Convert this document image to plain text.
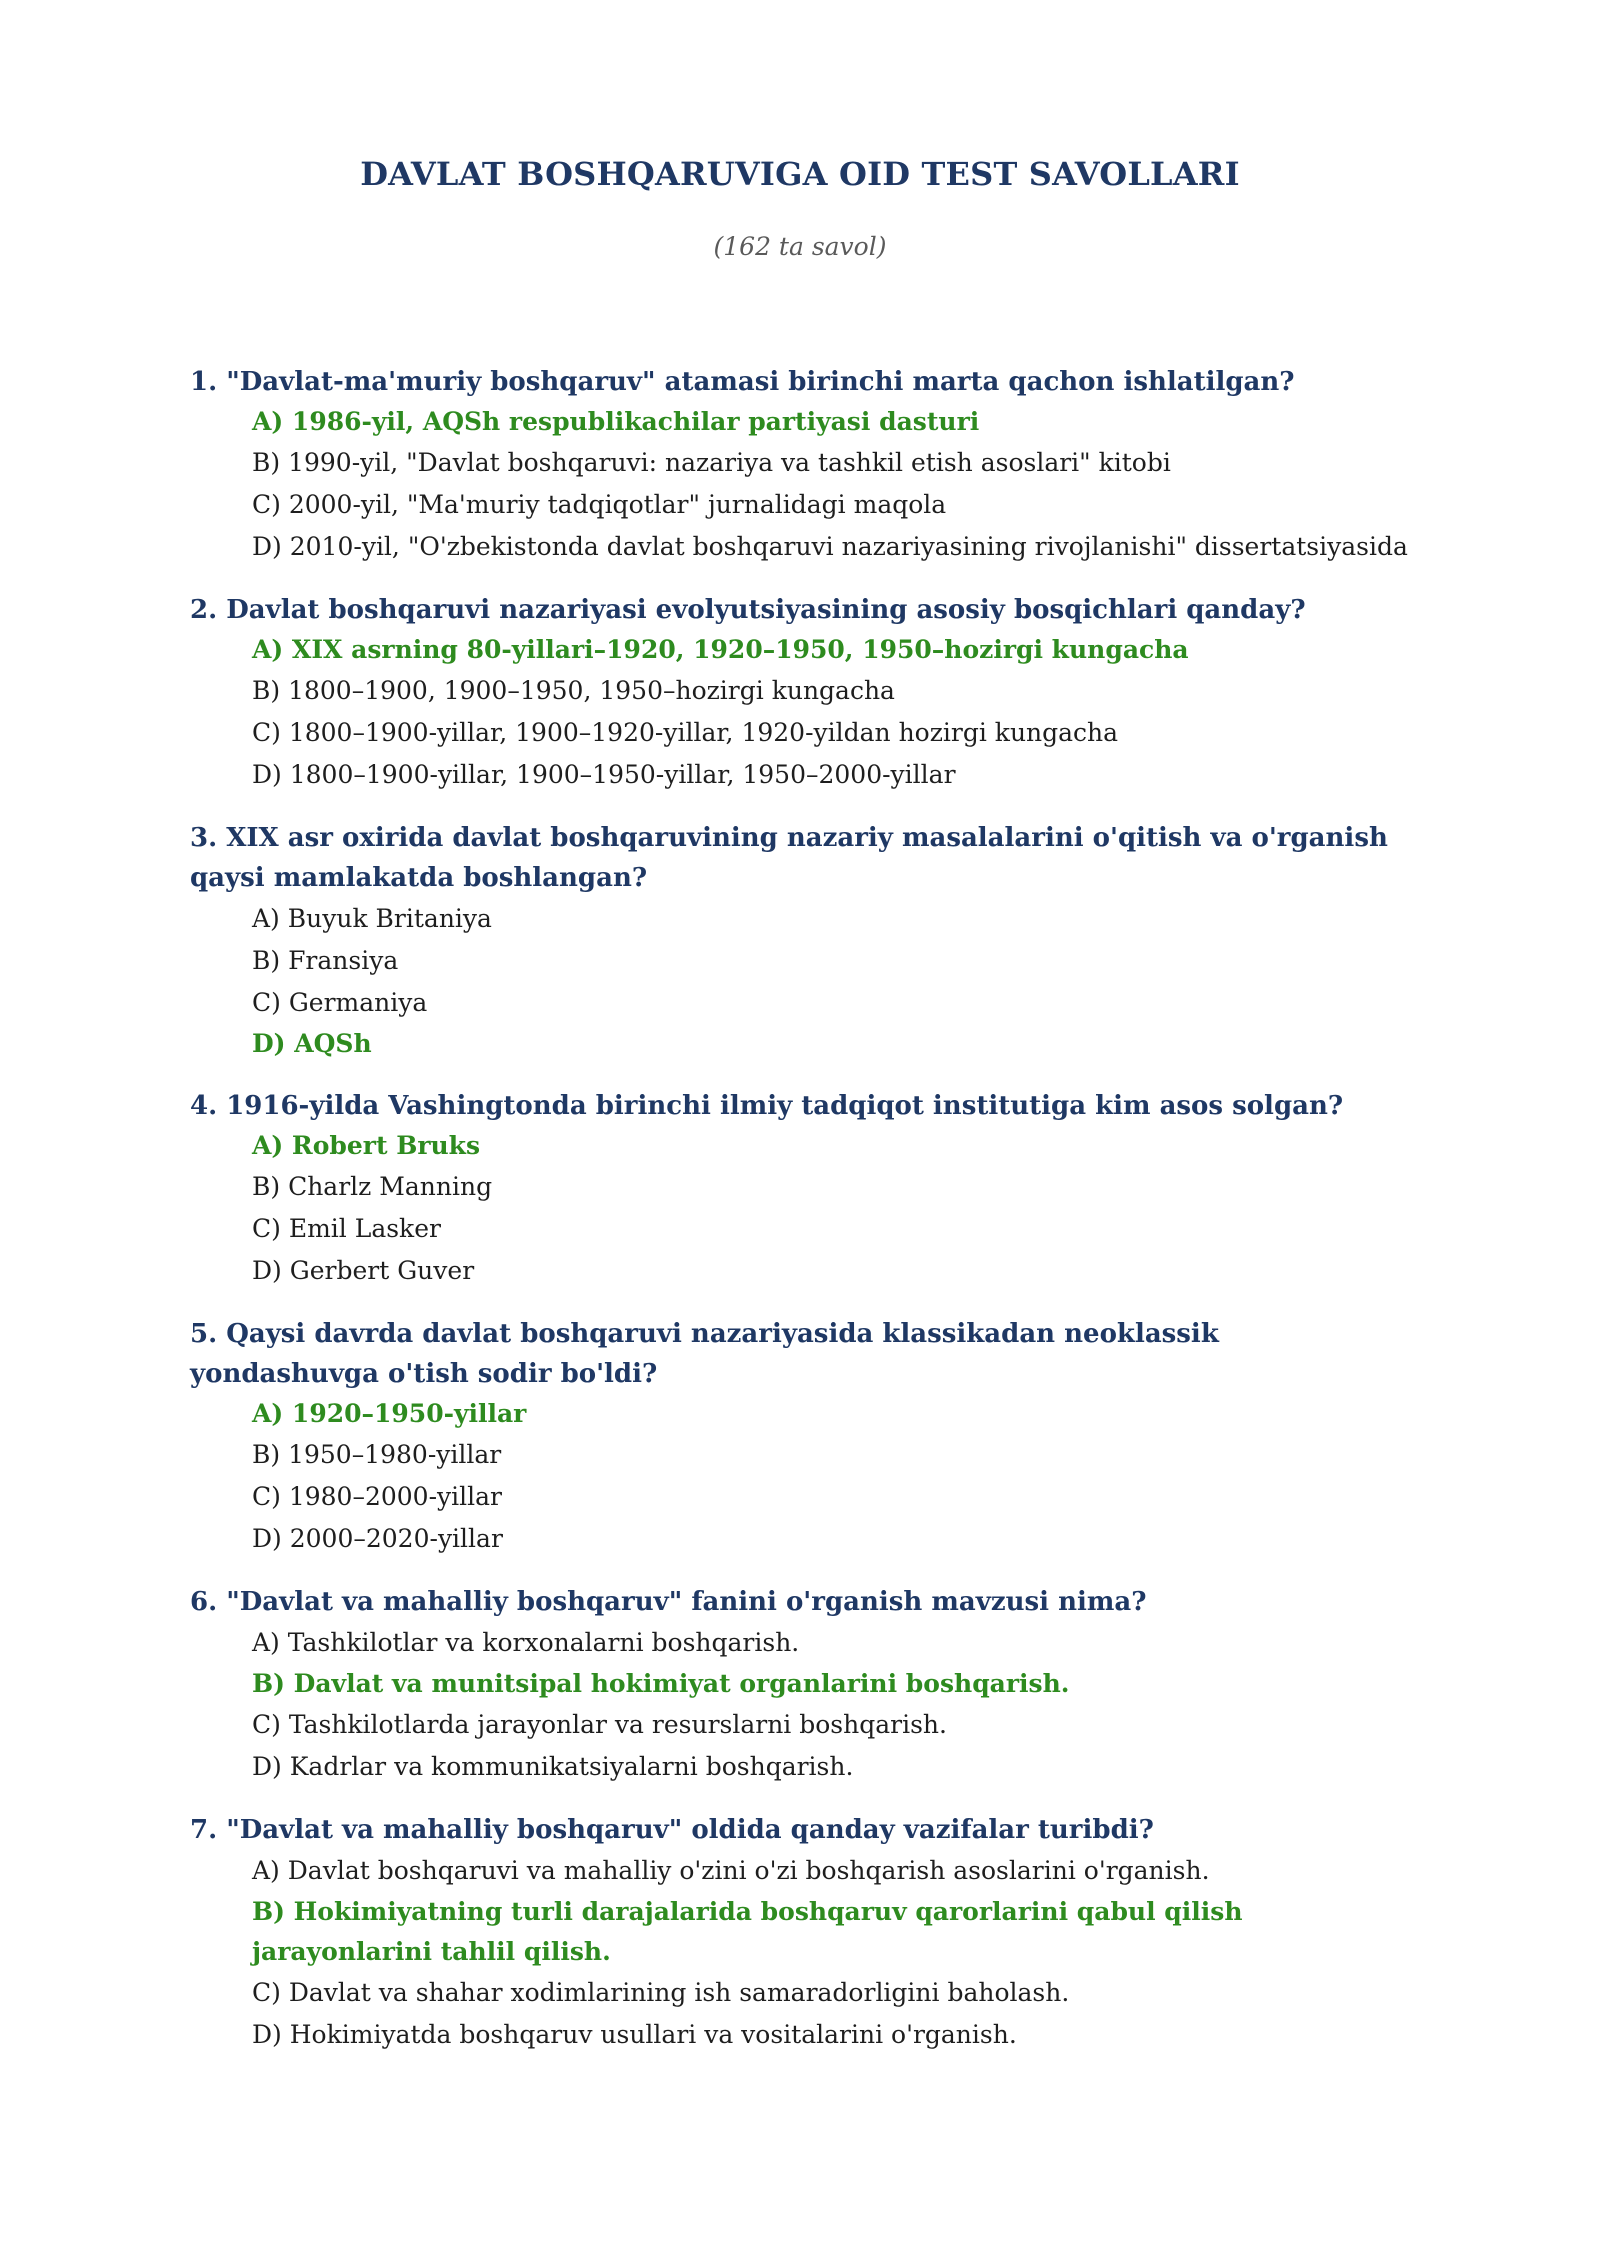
DAVLAT BOSHQARUVIGA OID TEST SAVOLLARI
(162 ta savol)
1. "Davlat-ma'muriy boshqaruv" atamasi birinchi marta qachon ishlatilgan?
A) 1986-yil, AQSh respublikachilar partiyasi dasturi
B) 1990-yil, "Davlat boshqaruvi: nazariya va tashkil etish asoslari" kitobi
C) 2000-yil, "Ma'muriy tadqiqotlar" jurnalidagi maqola
D) 2010-yil, "O'zbekistonda davlat boshqaruvi nazariyasining rivojlanishi" dissertatsiyasida
2. Davlat boshqaruvi nazariyasi evolyutsiyasining asosiy bosqichlari qanday?
A) XIX asrning 80-yillari–1920, 1920–1950, 1950–hozirgi kungacha
B) 1800–1900, 1900–1950, 1950–hozirgi kungacha
C) 1800–1900-yillar, 1900–1920-yillar, 1920-yildan hozirgi kungacha
D) 1800–1900-yillar, 1900–1950-yillar, 1950–2000-yillar
3. XIX asr oxirida davlat boshqaruvining nazariy masalalarini o'qitish va o'rganish qaysi mamlakatda boshlangan?
A) Buyuk Britaniya
B) Fransiya
C) Germaniya
D) AQSh
4. 1916-yilda Vashingtonda birinchi ilmiy tadqiqot institutiga kim asos solgan?
A) Robert Bruks
B) Charlz Manning
C) Emil Lasker
D) Gerbert Guver
5. Qaysi davrda davlat boshqaruvi nazariyasida klassikadan neoklassik yondashuvga o'tish sodir bo'ldi?
A) 1920–1950-yillar
B) 1950–1980-yillar
C) 1980–2000-yillar
D) 2000–2020-yillar
6. "Davlat va mahalliy boshqaruv" fanini o'rganish mavzusi nima?
A) Tashkilotlar va korxonalarni boshqarish.
B) Davlat va munitsipal hokimiyat organlarini boshqarish.
C) Tashkilotlarda jarayonlar va resurslarni boshqarish.
D) Kadrlar va kommunikatsiyalarni boshqarish.
7. "Davlat va mahalliy boshqaruv" oldida qanday vazifalar turibdi?
A) Davlat boshqaruvi va mahalliy o'zini o'zi boshqarish asoslarini o'rganish.
B) Hokimiyatning turli darajalarida boshqaruv qarorlarini qabul qilish jarayonlarini tahlil qilish.
C) Davlat va shahar xodimlarining ish samaradorligini baholash.
D) Hokimiyatda boshqaruv usullari va vositalarini o'rganish.
